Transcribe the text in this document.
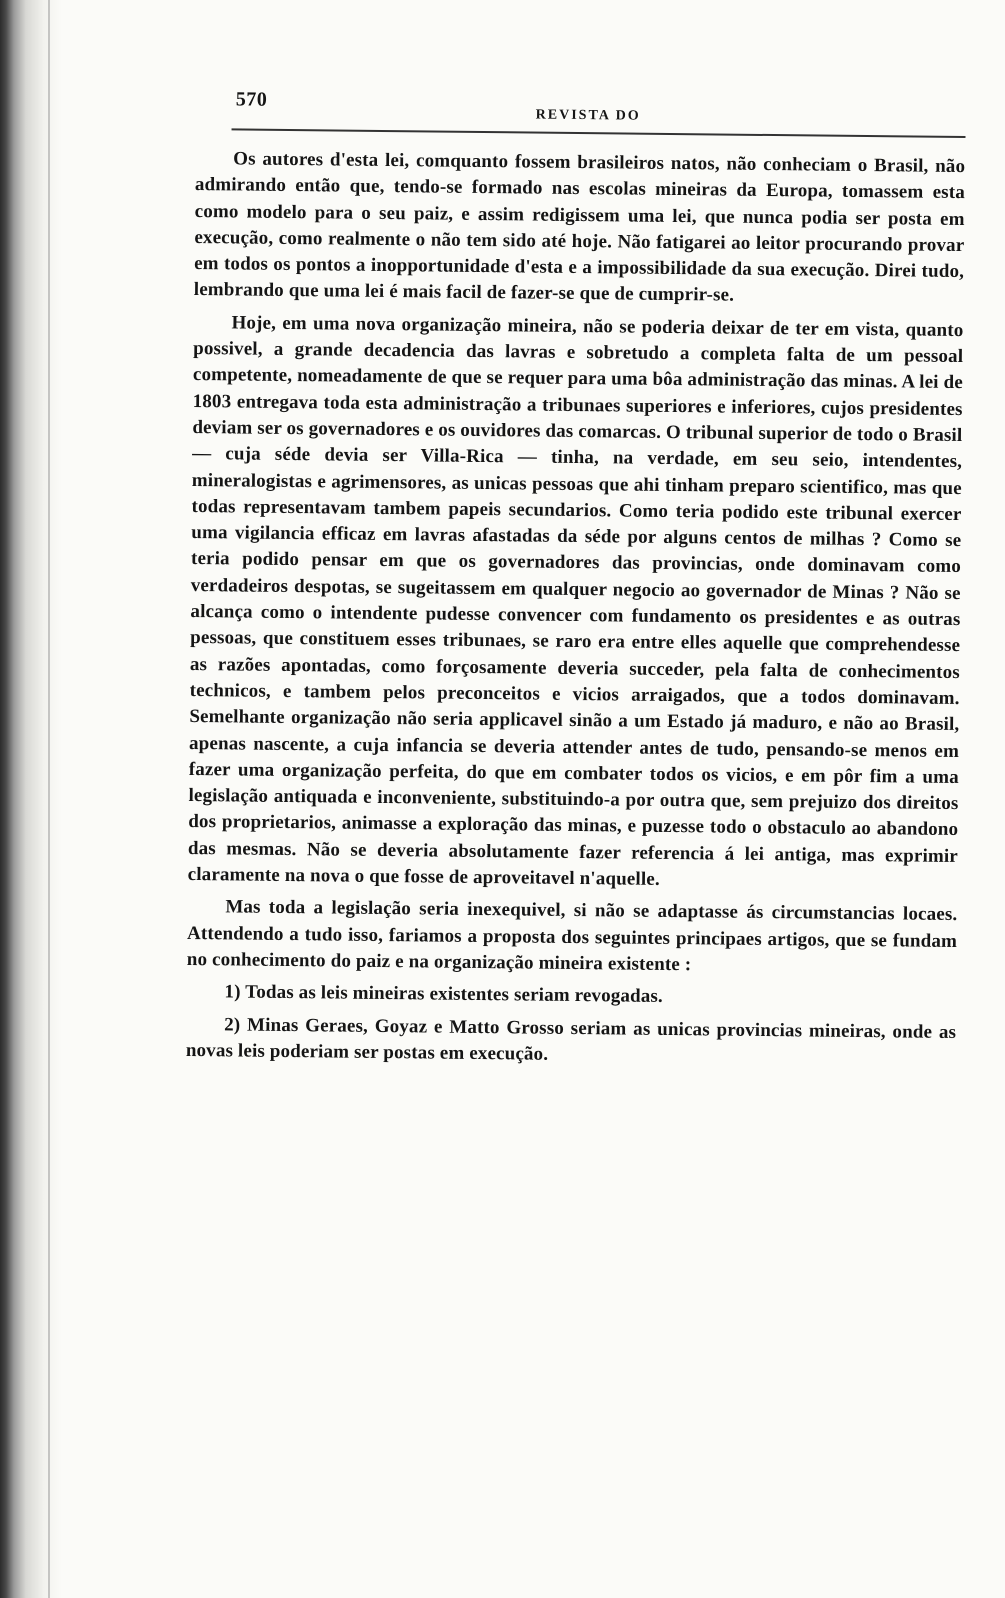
570
REVISTA DO

Os autores d'esta lei, comquanto fossem brasileiros natos, não conheciam o Brasil, não admirando então que, tendo-se formado nas escolas mineiras da Europa, tomassem esta como modelo para o seu paiz, e assim redigissem uma lei, que nunca podia ser posta em execução, como realmente o não tem sido até hoje. Não fatigarei ao leitor procurando provar em todos os pontos a inopportunidade d'esta e a impossibilidade da sua execução. Direi tudo, lembrando que uma lei é mais facil de fazer-se que de cumprir-se.

Hoje, em uma nova organização mineira, não se poderia deixar de ter em vista, quanto possivel, a grande decadencia das lavras e sobretudo a completa falta de um pessoal competente, nomeadamente de que se requer para uma bôa administração das minas. A lei de 1803 entregava toda esta administração a tribunaes superiores e inferiores, cujos presidentes deviam ser os governadores e os ouvidores das comarcas. O tribunal superior de todo o Brasil — cuja séde devia ser Villa-Rica — tinha, na verdade, em seu seio, intendentes, mineralogistas e agrimensores, as unicas pessoas que ahi tinham preparo scientifico, mas que todas representavam tambem papeis secundarios. Como teria podido este tribunal exercer uma vigilancia efficaz em lavras afastadas da séde por alguns centos de milhas ? Como se teria podido pensar em que os governadores das provincias, onde dominavam como verdadeiros despotas, se sugeitassem em qualquer negocio ao governador de Minas ? Não se alcança como o intendente pudesse convencer com fundamento os presidentes e as outras pessoas, que constituem esses tribunaes, se raro era entre elles aquelle que comprehendesse as razões apontadas, como forçosamente deveria succeder, pela falta de conhecimentos technicos, e tambem pelos preconceitos e vicios arraigados, que a todos dominavam. Semelhante organização não seria applicavel sinão a um Estado já maduro, e não ao Brasil, apenas nascente, a cuja infancia se deveria attender antes de tudo, pensando-se menos em fazer uma organização perfeita, do que em combater todos os vicios, e em pôr fim a uma legislação antiquada e inconveniente, substituindo-a por outra que, sem prejuizo dos direitos dos proprietarios, animasse a exploração das minas, e puzesse todo o obstaculo ao abandono das mesmas. Não se deveria absolutamente fazer referencia á lei antiga, mas exprimir claramente na nova o que fosse de aproveitavel n'aquelle.

Mas toda a legislação seria inexequivel, si não se adaptasse ás circumstancias locaes. Attendendo a tudo isso, fariamos a proposta dos seguintes principaes artigos, que se fundam no conhecimento do paiz e na organização mineira existente :

1) Todas as leis mineiras existentes seriam revogadas.

2) Minas Geraes, Goyaz e Matto Grosso seriam as unicas provincias mineiras, onde as novas leis poderiam ser postas em execução.
